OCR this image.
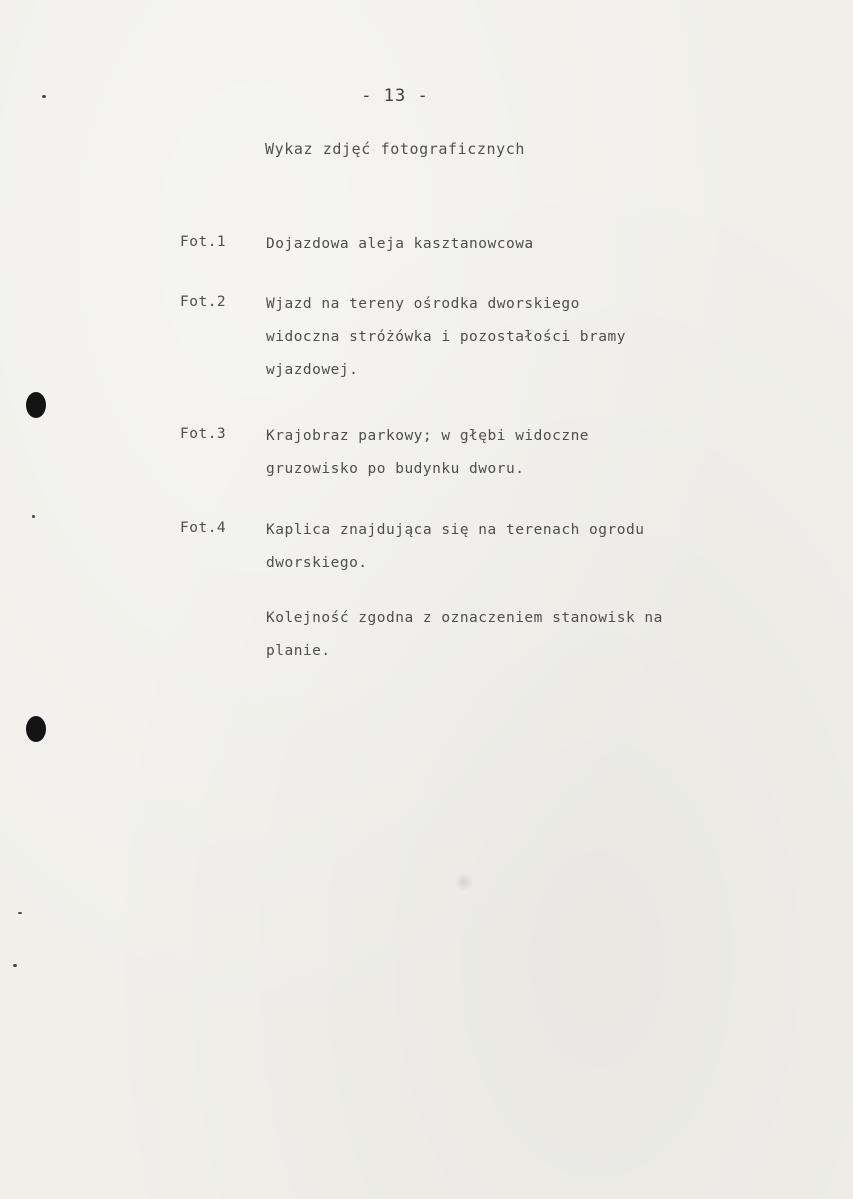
- 13 -
Wykaz zdjęć fotograficznych
Fot.1	Dojazdowa aleja kasztanowcowa
Fot.2	Wjazd na tereny ośrodka dworskiego
widoczna stróżówka i pozostałości bramy
wjazdowej.
Fot.3	Krajobraz parkowy; w głębi widoczne
gruzowisko po budynku dworu.
Fot.4	Kaplica znajdująca się na terenach ogrodu
dworskiego.
Kolejność zgodna z oznaczeniem stanowisk na
planie.
